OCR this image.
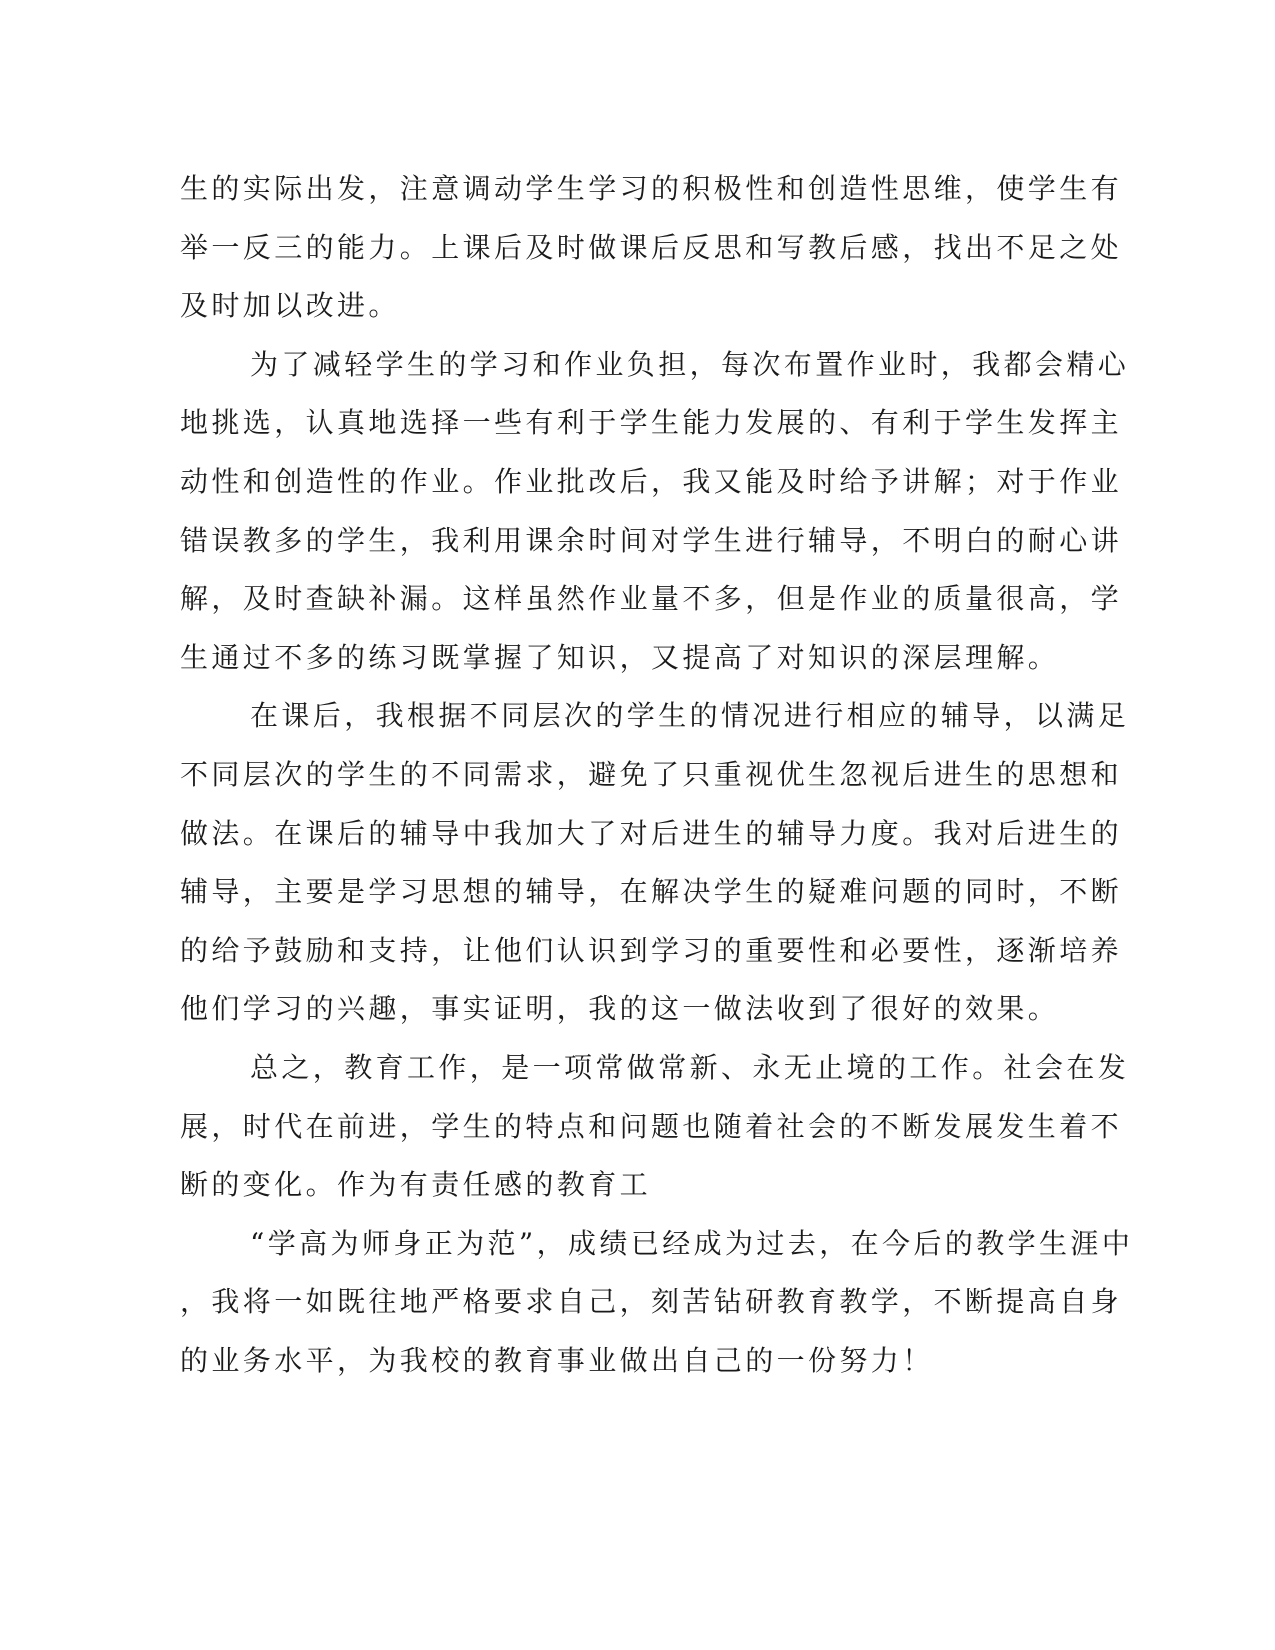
生的实际出发，注意调动学生学习的积极性和创造性思维，使学生有
举一反三的能力。上课后及时做课后反思和写教后感，找出不足之处
及时加以改进。
为了减轻学生的学习和作业负担，每次布置作业时，我都会精心
地挑选，认真地选择一些有利于学生能力发展的、有利于学生发挥主
动性和创造性的作业。作业批改后，我又能及时给予讲解；对于作业
错误教多的学生，我利用课余时间对学生进行辅导，不明白的耐心讲
解，及时查缺补漏。这样虽然作业量不多，但是作业的质量很高，学
生通过不多的练习既掌握了知识，又提高了对知识的深层理解。
在课后，我根据不同层次的学生的情况进行相应的辅导，以满足
不同层次的学生的不同需求，避免了只重视优生忽视后进生的思想和
做法。在课后的辅导中我加大了对后进生的辅导力度。我对后进生的
辅导，主要是学习思想的辅导，在解决学生的疑难问题的同时，不断
的给予鼓励和支持，让他们认识到学习的重要性和必要性，逐渐培养
他们学习的兴趣，事实证明，我的这一做法收到了很好的效果。
总之，教育工作，是一项常做常新、永无止境的工作。社会在发
展，时代在前进，学生的特点和问题也随着社会的不断发展发生着不
断的变化。作为有责任感的教育工
“学高为师身正为范”，成绩已经成为过去，在今后的教学生涯中
，我将一如既往地严格要求自己，刻苦钻研教育教学，不断提高自身
的业务水平，为我校的教育事业做出自己的一份努力！
